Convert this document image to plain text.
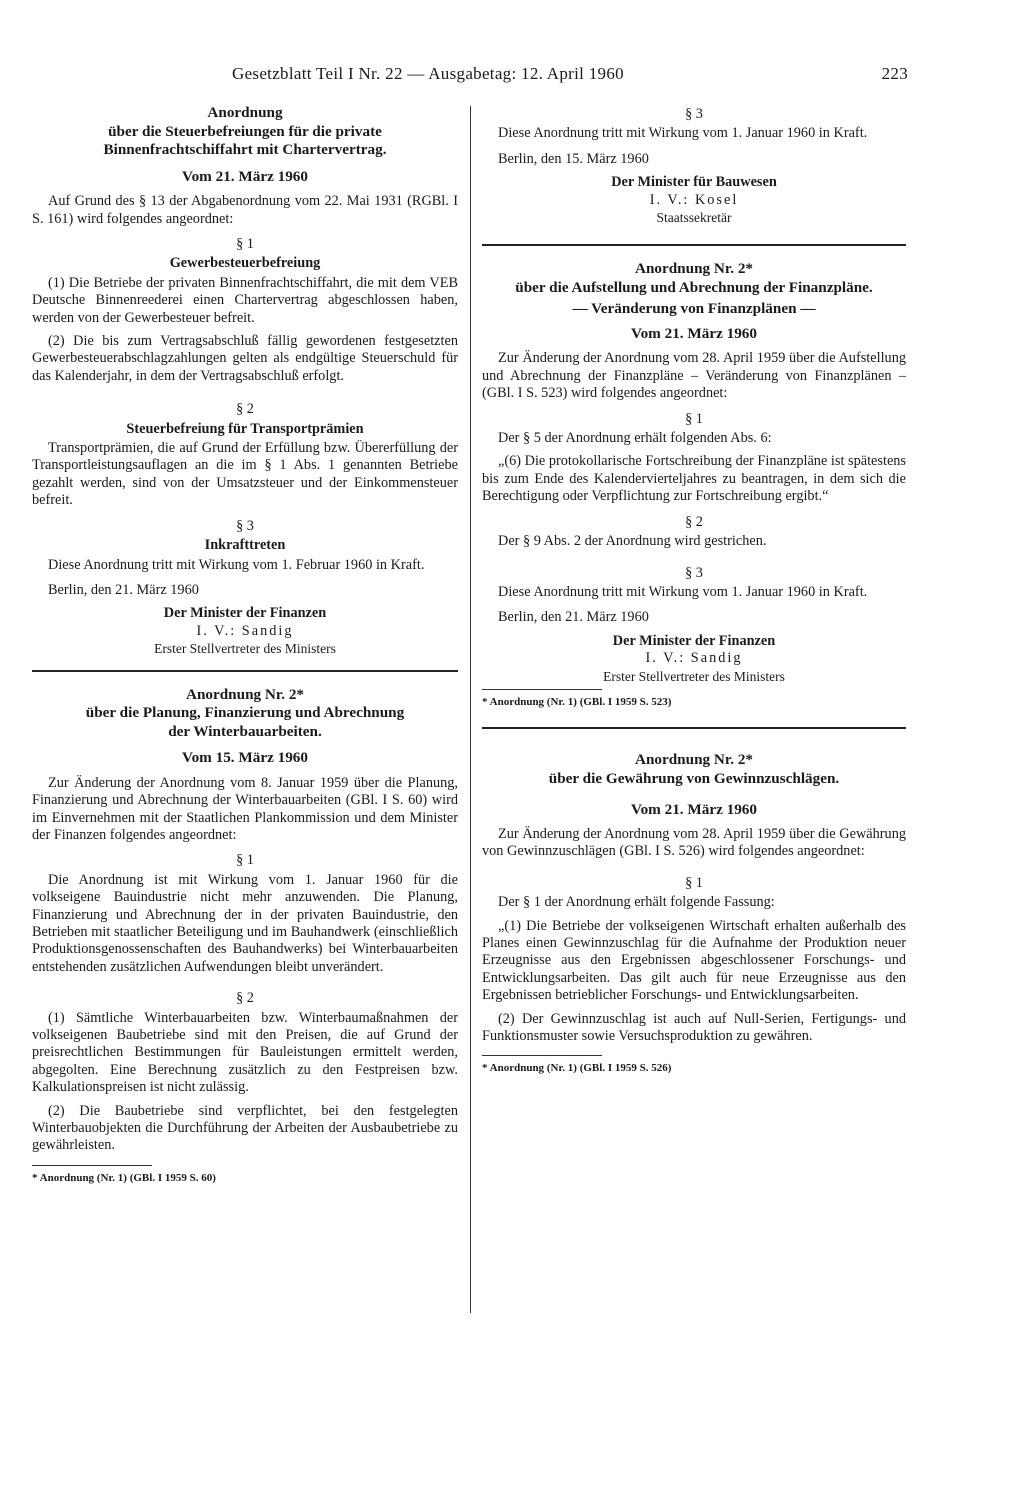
Gesetzblatt Teil I Nr. 22 — Ausgabetag: 12. April 1960	223

Anordnung

über die Steuerbefreiungen für die private

Binnenfrachtschiffahrt mit Chartervertrag.

Vom 21. März 1960

Auf Grund des § 13 der Abgabenordnung vom 22. Mai 1931 (RGBl. I S. 161) wird folgendes angeordnet:

§ 1

Gewerbesteuerbefreiung

(1) Die Betriebe der privaten Binnenfrachtschiffahrt, die mit dem VEB Deutsche Binnenreederei einen Chartervertrag abgeschlossen haben, werden von der Gewerbesteuer befreit.

(2) Die bis zum Vertragsabschluß fällig gewordenen festgesetzten Gewerbesteuerabschlagzahlungen gelten als endgültige Steuerschuld für das Kalenderjahr, in dem der Vertragsabschluß erfolgt.

§ 2

Steuerbefreiung für Transportprämien

Transportprämien, die auf Grund der Erfüllung bzw. Übererfüllung der Transportleistungsauflagen an die im § 1 Abs. 1 genannten Betriebe gezahlt werden, sind von der Umsatzsteuer und der Einkommensteuer befreit.

§ 3

Inkrafttreten

Diese Anordnung tritt mit Wirkung vom 1. Februar 1960 in Kraft.

Berlin, den 21. März 1960

Der Minister der Finanzen

I. V.: Sandig

Erster Stellvertreter des Ministers

Anordnung Nr. 2*

über die Planung, Finanzierung und Abrechnung

der Winterbauarbeiten.

Vom 15. März 1960

Zur Änderung der Anordnung vom 8. Januar 1959 über die Planung, Finanzierung und Abrechnung der Winterbauarbeiten (GBl. I S. 60) wird im Einvernehmen mit der Staatlichen Plankommission und dem Minister der Finanzen folgendes angeordnet:

§ 1

Die Anordnung ist mit Wirkung vom 1. Januar 1960 für die volkseigene Bauindustrie nicht mehr anzuwenden. Die Planung, Finanzierung und Abrechnung der in der privaten Bauindustrie, den Betrieben mit staatlicher Beteiligung und im Bauhandwerk (einschließlich Produktionsgenossenschaften des Bauhandwerks) bei Winterbauarbeiten entstehenden zusätzlichen Aufwendungen bleibt unverändert.

§ 2

(1) Sämtliche Winterbauarbeiten bzw. Winterbaumaßnahmen der volkseigenen Baubetriebe sind mit den Preisen, die auf Grund der preisrechtlichen Bestimmungen für Bauleistungen ermittelt werden, abgegolten. Eine Berechnung zusätzlich zu den Festpreisen bzw. Kalkulationspreisen ist nicht zulässig.

(2) Die Baubetriebe sind verpflichtet, bei den festgelegten Winterbauobjekten die Durchführung der Arbeiten der Ausbaubetriebe zu gewährleisten.

* Anordnung (Nr. 1) (GBl. I 1959 S. 60)

§ 3

Diese Anordnung tritt mit Wirkung vom 1. Januar 1960 in Kraft.

Berlin, den 15. März 1960

Der Minister für Bauwesen

I. V.: Kosel

Staatssekretär

Anordnung Nr. 2*

über die Aufstellung und Abrechnung der Finanzpläne.

— Veränderung von Finanzplänen —

Vom 21. März 1960

Zur Änderung der Anordnung vom 28. April 1959 über die Aufstellung und Abrechnung der Finanzpläne – Veränderung von Finanzplänen – (GBl. I S. 523) wird folgendes angeordnet:

§ 1

Der § 5 der Anordnung erhält folgenden Abs. 6:

„(6) Die protokollarische Fortschreibung der Finanzpläne ist spätestens bis zum Ende des Kalendervierteljahres zu beantragen, in dem sich die Berechtigung oder Verpflichtung zur Fortschreibung ergibt.“

§ 2

Der § 9 Abs. 2 der Anordnung wird gestrichen.

§ 3

Diese Anordnung tritt mit Wirkung vom 1. Januar 1960 in Kraft.

Berlin, den 21. März 1960

Der Minister der Finanzen

I. V.: Sandig

Erster Stellvertreter des Ministers

* Anordnung (Nr. 1) (GBl. I 1959 S. 523)

Anordnung Nr. 2*

über die Gewährung von Gewinnzuschlägen.

Vom 21. März 1960

Zur Änderung der Anordnung vom 28. April 1959 über die Gewährung von Gewinnzuschlägen (GBl. I S. 526) wird folgendes angeordnet:

§ 1

Der § 1 der Anordnung erhält folgende Fassung:

„(1) Die Betriebe der volkseigenen Wirtschaft erhalten außerhalb des Planes einen Gewinnzuschlag für die Aufnahme der Produktion neuer Erzeugnisse aus den Ergebnissen abgeschlossener Forschungs- und Entwicklungsarbeiten. Das gilt auch für neue Erzeugnisse aus den Ergebnissen betrieblicher Forschungs- und Entwicklungsarbeiten.

(2) Der Gewinnzuschlag ist auch auf Null-Serien, Fertigungs- und Funktionsmuster sowie Versuchsproduktion zu gewähren.

* Anordnung (Nr. 1) (GBl. I 1959 S. 526)
